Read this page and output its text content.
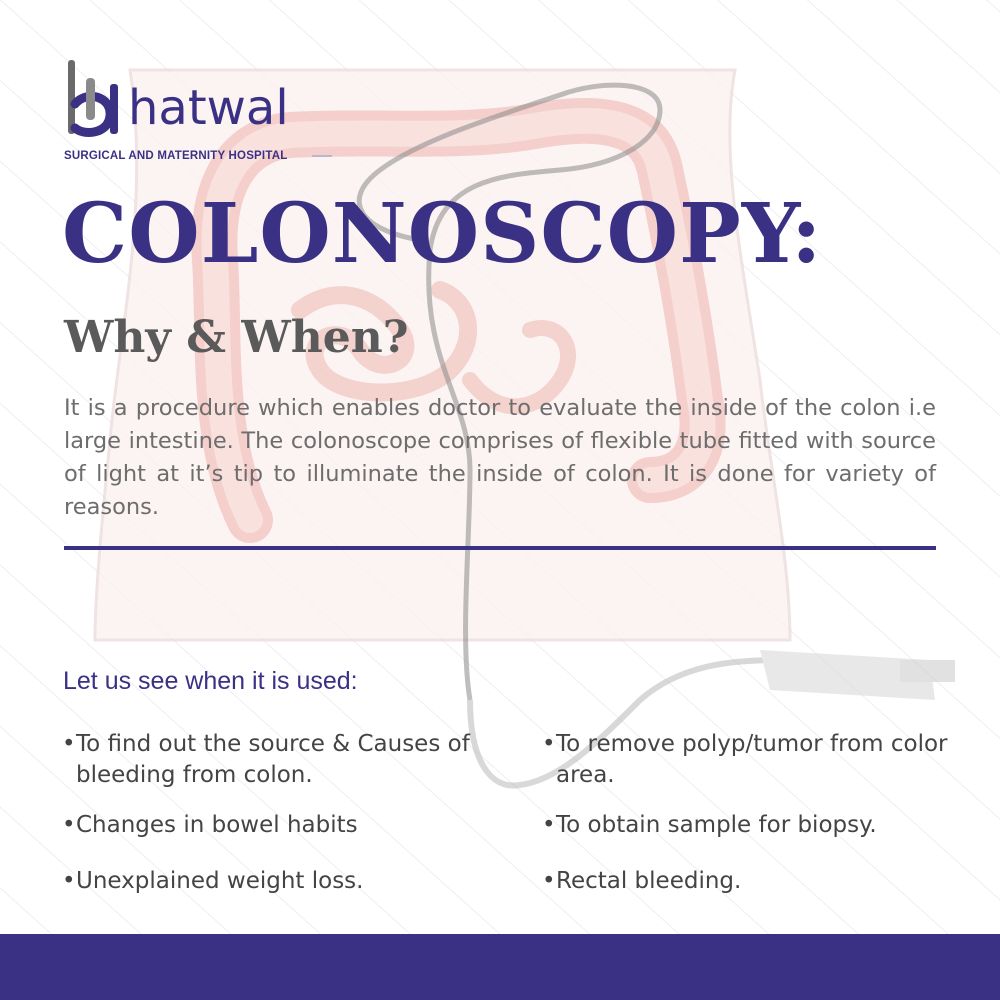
hatwal
SURGICAL AND MATERNITY HOSPITAL
COLONOSCOPY:
Why & When?

It is a procedure which enables doctor to evaluate the inside of the colon i.e large intestine. The colonoscope comprises of flexible tube fitted with source of light at it’s tip to illuminate the inside of colon. It is done for variety of reasons.

Let us see when it is used:
• To find out the source & Causes of bleeding from colon.
• Changes in bowel habits
• Unexplained weight loss.
• To remove polyp/tumor from color area.
• To obtain sample for biopsy.
• Rectal bleeding.
